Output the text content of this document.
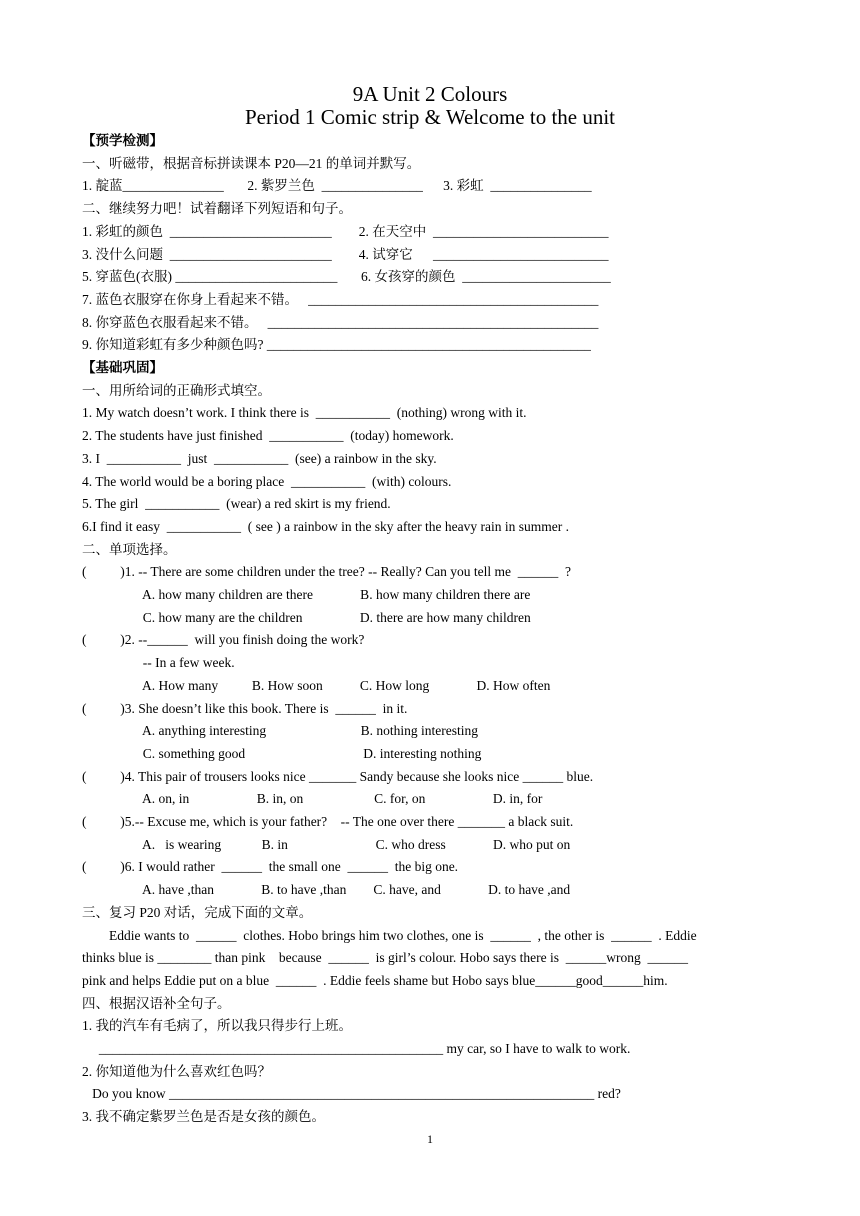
9A Unit 2 Colours
Period 1 Comic strip & Welcome to the unit
【预学检测】
一、听磁带，根据音标拼读课本 P20—21 的单词并默写。
1. 靛蓝_______________       2. 紫罗兰色  _______________      3. 彩虹  _______________
二、继续努力吧！试着翻译下列短语和句子。
1. 彩虹的颜色  ________________________        2. 在天空中  __________________________
3. 没什么问题  ________________________        4. 试穿它      __________________________
5. 穿蓝色(衣服) ________________________       6. 女孩穿的颜色  ______________________
7. 蓝色衣服穿在你身上看起来不错。   ___________________________________________
8. 你穿蓝色衣服看起来不错。   _________________________________________________
9. 你知道彩虹有多少种颜色吗? ________________________________________________
【基础巩固】
一、用所给词的正确形式填空。
1. My watch doesn’t work. I think there is  ___________  (nothing) wrong with it.
2. The students have just finished  ___________  (today) homework.
3. I  ___________  just  ___________  (see) a rainbow in the sky.
4. The world would be a boring place  ___________  (with) colours.
5. The girl  ___________  (wear) a red skirt is my friend.
6.I find it easy  ___________  ( see ) a rainbow in the sky after the heavy rain in summer .
二、单项选择。
(          )1. -- There are some children under the tree? -- Really? Can you tell me  ______  ?
A. how many children are there              B. how many children there are
C. how many are the children                 D. there are how many children
(          )2. --______  will you finish doing the work?
-- In a few week.
A. How many          B. How soon           C. How long              D. How often
(          )3. She doesn’t like this book. There is  ______  in it.
A. anything interesting                            B. nothing interesting
C. something good                                   D. interesting nothing
(          )4. This pair of trousers looks nice _______ Sandy because she looks nice ______ blue.
A. on, in                    B. in, on                     C. for, on                    D. in, for
(          )5.-- Excuse me, which is your father?    -- The one over there _______ a black suit.
A.   is wearing            B. in                          C. who dress              D. who put on
(          )6. I would rather  ______  the small one  ______  the big one.
A. have ,than              B. to have ,than        C. have, and              D. to have ,and
三、复习 P20 对话，完成下面的文章。
Eddie wants to  ______  clothes. Hobo brings him two clothes, one is  ______  , the other is  ______  . Eddie
thinks blue is ________ than pink    because  ______  is girl’s colour. Hobo says there is  ______wrong  ______
pink and helps Eddie put on a blue  ______  . Eddie feels shame but Hobo says blue______good______him.
四、根据汉语补全句子。
1. 我的汽车有毛病了，所以我只得步行上班。
___________________________________________________ my car, so I have to walk to work.
2. 你知道他为什么喜欢红色吗？
Do you know _______________________________________________________________ red?
3. 我不确定紫罗兰色是否是女孩的颜色。
1
